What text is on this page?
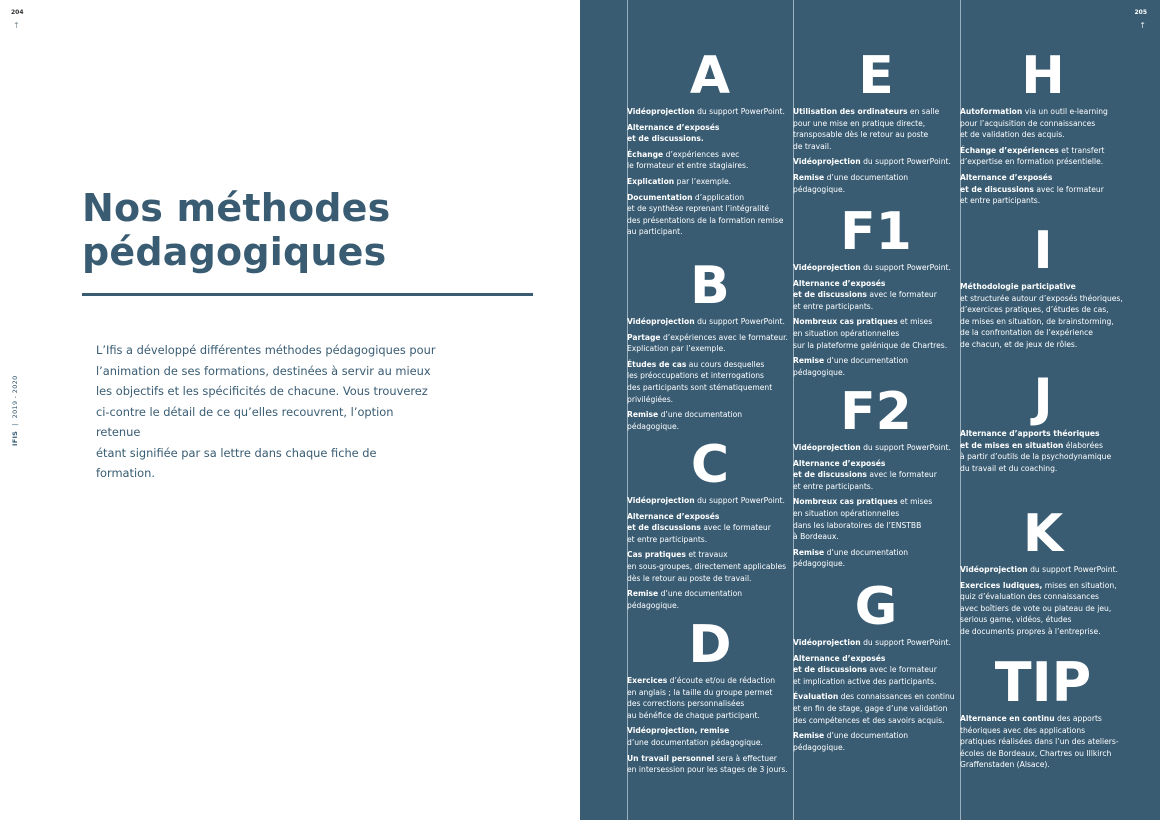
204
↑
Nos méthodes
pédagogiques

L’Ifis a développé différentes méthodes pédagogiques pour
l’animation de ses formations, destinées à servir au mieux
les objectifs et les spécificités de chacune. Vous trouverez
ci-contre le détail de ce qu’elles recouvrent, l’option retenue
étant signifiée par sa lettre dans chaque fiche de formation.

IFIS|2019 - 2020
205
↑
A

Vidéoprojection du support PowerPoint.

Alternance d’exposés
et de discussions.

Échange d’expériences avec
le formateur et entre stagiaires.

Explication par l’exemple.

Documentation d’application
et de synthèse reprenant l’intégralité
des présentations de la formation remise
au participant.

B

Vidéoprojection du support PowerPoint.

Partage d’expériences avec le formateur.
Explication par l’exemple.

Études de cas au cours desquelles
les préoccupations et interrogations
des participants sont stématiquement
privilégiées.

Remise d’une documentation pédagogique.

C

Vidéoprojection du support PowerPoint.

Alternance d’exposés
et de discussions avec le formateur
et entre participants.

Cas pratiques et travaux
en sous-groupes, directement applicables
dès le retour au poste de travail.

Remise d’une documentation pédagogique.

D

Exercices d’écoute et/ou de rédaction
en anglais ; la taille du groupe permet
des corrections personnalisées
au bénéfice de chaque participant.

Vidéoprojection, remise
d’une documentation pédagogique.

Un travail personnel sera à effectuer
en intersession pour les stages de 3 jours.

E

Utilisation des ordinateurs en salle
pour une mise en pratique directe,
transposable dès le retour au poste
de travail.

Vidéoprojection du support PowerPoint.

Remise d’une documentation pédagogique.

F1

Vidéoprojection du support PowerPoint.

Alternance d’exposés
et de discussions avec le formateur
et entre participants.

Nombreux cas pratiques et mises
en situation opérationnelles
sur la plateforme galénique de Chartres.

Remise d’une documentation pédagogique.

F2

Vidéoprojection du support PowerPoint.

Alternance d’exposés
et de discussions avec le formateur
et entre participants.

Nombreux cas pratiques et mises
en situation opérationnelles
dans les laboratoires de l’ENSTBB
à Bordeaux.

Remise d’une documentation pédagogique.

G

Vidéoprojection du support PowerPoint.

Alternance d’exposés
et de discussions avec le formateur
et implication active des participants.

Évaluation des connaissances en continu
et en fin de stage, gage d’une validation
des compétences et des savoirs acquis.

Remise d’une documentation pédagogique.

H

Autoformation via un outil e-learning
pour l’acquisition de connaissances
et de validation des acquis.

Échange d’expériences et transfert
d’expertise en formation présentielle.

Alternance d’exposés
et de discussions avec le formateur
et entre participants.

I

Méthodologie participative
et structurée autour d’exposés théoriques,
d’exercices pratiques, d’études de cas,
de mises en situation, de brainstorming,
de la confrontation de l’expérience
de chacun, et de jeux de rôles.

J

Alternance d’apports théoriques
et de mises en situation élaborées
à partir d’outils de la psychodynamique
du travail et du coaching.

K

Vidéoprojection du support PowerPoint.

Exercices ludiques, mises en situation,
quiz d’évaluation des connaissances
avec boîtiers de vote ou plateau de jeu,
serious game, vidéos, études
de documents propres à l’entreprise.

TIP

Alternance en continu des apports
théoriques avec des applications
pratiques réalisées dans l’un des ateliers-
écoles de Bordeaux, Chartres ou Illkirch
Graffenstaden (Alsace).
